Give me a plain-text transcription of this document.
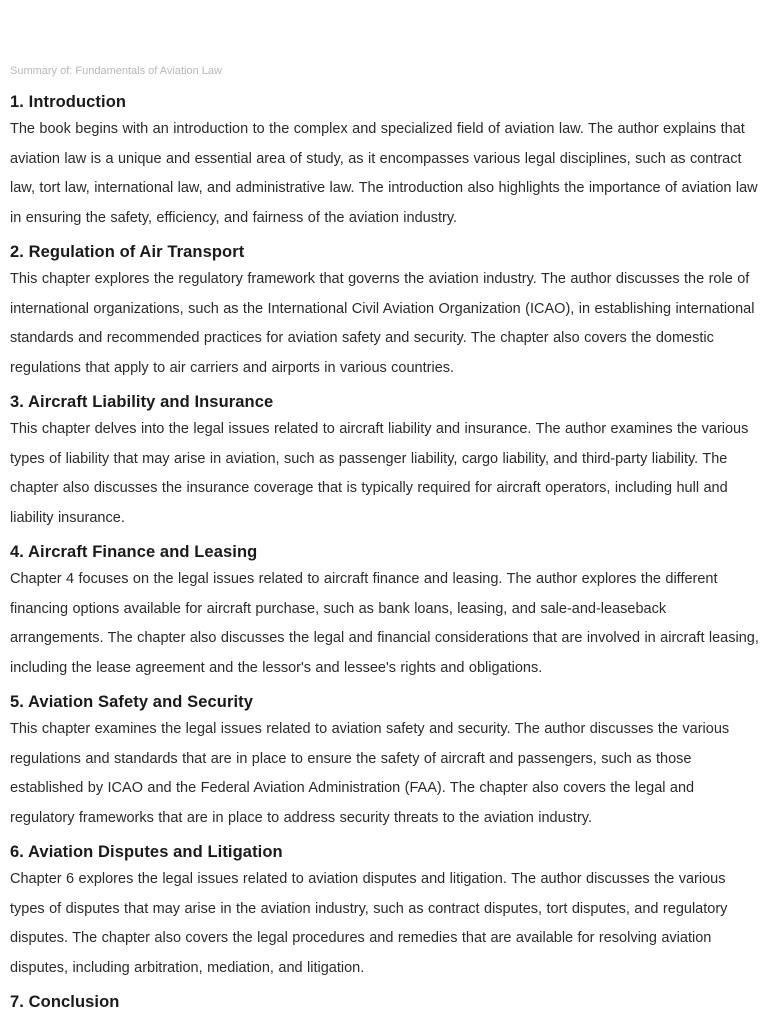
Summary of: Fundamentals of Aviation Law
1. Introduction

The book begins with an introduction to the complex and specialized field of aviation law. The author explains that aviation law is a unique and essential area of study, as it encompasses various legal disciplines, such as contract law, tort law, international law, and administrative law. The introduction also highlights the importance of aviation law in ensuring the safety, efficiency, and fairness of the aviation industry.

2. Regulation of Air Transport

This chapter explores the regulatory framework that governs the aviation industry. The author discusses the role of international organizations, such as the International Civil Aviation Organization (ICAO), in establishing international standards and recommended practices for aviation safety and security. The chapter also covers the domestic regulations that apply to air carriers and airports in various countries.

3. Aircraft Liability and Insurance

This chapter delves into the legal issues related to aircraft liability and insurance. The author examines the various types of liability that may arise in aviation, such as passenger liability, cargo liability, and third-party liability. The chapter also discusses the insurance coverage that is typically required for aircraft operators, including hull and liability insurance.

4. Aircraft Finance and Leasing

Chapter 4 focuses on the legal issues related to aircraft finance and leasing. The author explores the different financing options available for aircraft purchase, such as bank loans, leasing, and sale-and-leaseback arrangements. The chapter also discusses the legal and financial considerations that are involved in aircraft leasing, including the lease agreement and the lessor's and lessee's rights and obligations.

5. Aviation Safety and Security

This chapter examines the legal issues related to aviation safety and security. The author discusses the various regulations and standards that are in place to ensure the safety of aircraft and passengers, such as those established by ICAO and the Federal Aviation Administration (FAA). The chapter also covers the legal and regulatory frameworks that are in place to address security threats to the aviation industry.

6. Aviation Disputes and Litigation

Chapter 6 explores the legal issues related to aviation disputes and litigation. The author discusses the various types of disputes that may arise in the aviation industry, such as contract disputes, tort disputes, and regulatory disputes. The chapter also covers the legal procedures and remedies that are available for resolving aviation disputes, including arbitration, mediation, and litigation.

7. Conclusion
